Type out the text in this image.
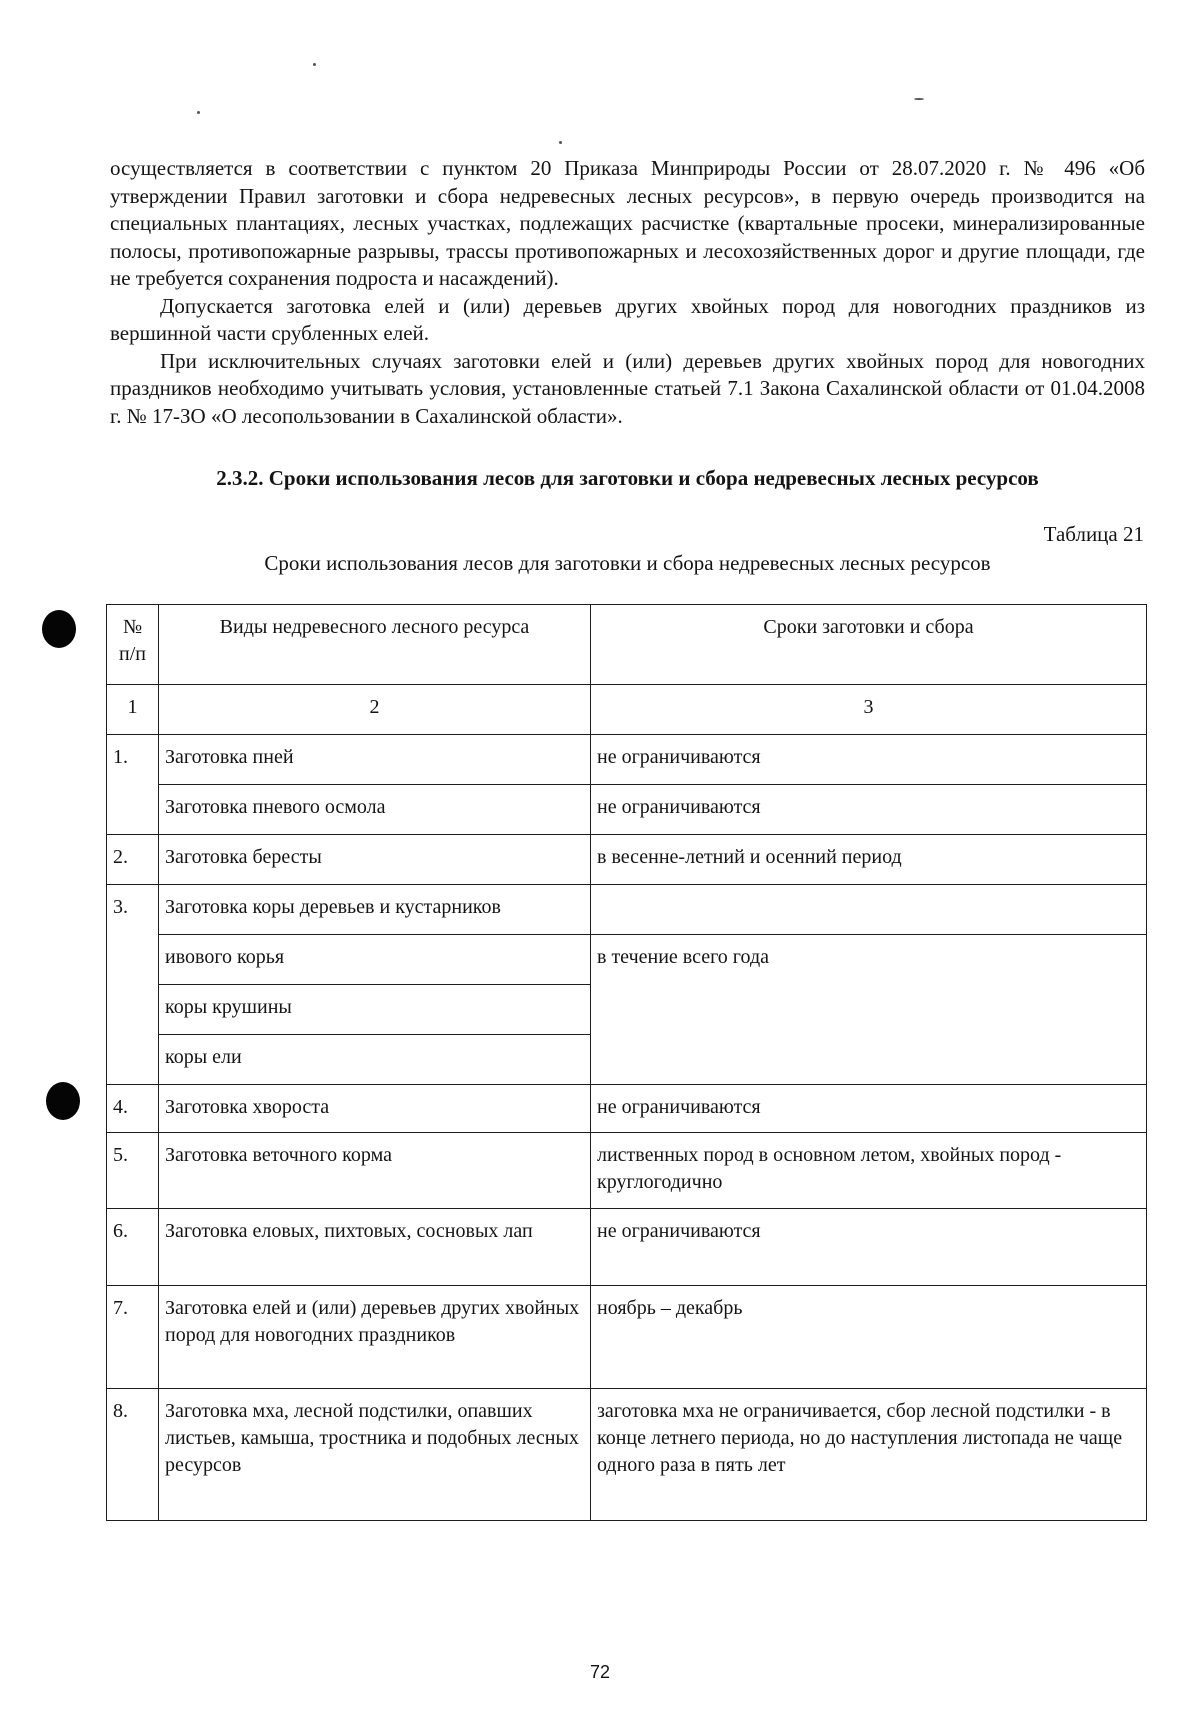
осуществляется в соответствии с пунктом 20 Приказа Минприроды России от 28.07.2020 г. № 496 «Об утверждении Правил заготовки и сбора недревесных лесных ресурсов», в первую очередь производится на специальных плантациях, лесных участках, подлежащих расчистке (квартальные просеки, минерализированные полосы, противопожарные разрывы, трассы противопожарных и лесохозяйственных дорог и другие площади, где не требуется сохранения подроста и насаждений).

Допускается заготовка елей и (или) деревьев других хвойных пород для новогодних праздников из вершинной части срубленных елей.

При исключительных случаях заготовки елей и (или) деревьев других хвойных пород для новогодних праздников необходимо учитывать условия, установленные статьей 7.1 Закона Сахалинской области от 01.04.2008 г. № 17-ЗО «О лесопользовании в Сахалинской области».

2.3.2. Сроки использования лесов для заготовки и сбора недревесных лесных ресурсов
Таблица 21
Сроки использования лесов для заготовки и сбора недревесных лесных ресурсов
№ п/п	Виды недревесного лесного ресурса	Сроки заготовки и сбора
1	2	3
1.	Заготовка пней	не ограничиваются
	Заготовка пневого осмола	не ограничиваются
2.	Заготовка бересты	в весенне-летний и осенний период
3.	Заготовка коры деревьев и кустарников	
	ивового корья	в течение всего года
	коры крушины	
	коры ели	
4.	Заготовка хвороста	не ограничиваются
5.	Заготовка веточного корма	лиственных пород в основном летом, хвойных пород - круглогодично
6.	Заготовка еловых, пихтовых, сосновых лап	не ограничиваются
7.	Заготовка елей и (или) деревьев других хвойных пород для новогодних праздников	ноябрь – декабрь
8.	Заготовка мха, лесной подстилки, опавших листьев, камыша, тростника и подобных лесных ресурсов	заготовка мха не ограничивается, сбор лесной подстилки - в конце летнего периода, но до наступления листопада не чаще одного раза в пять лет
72
